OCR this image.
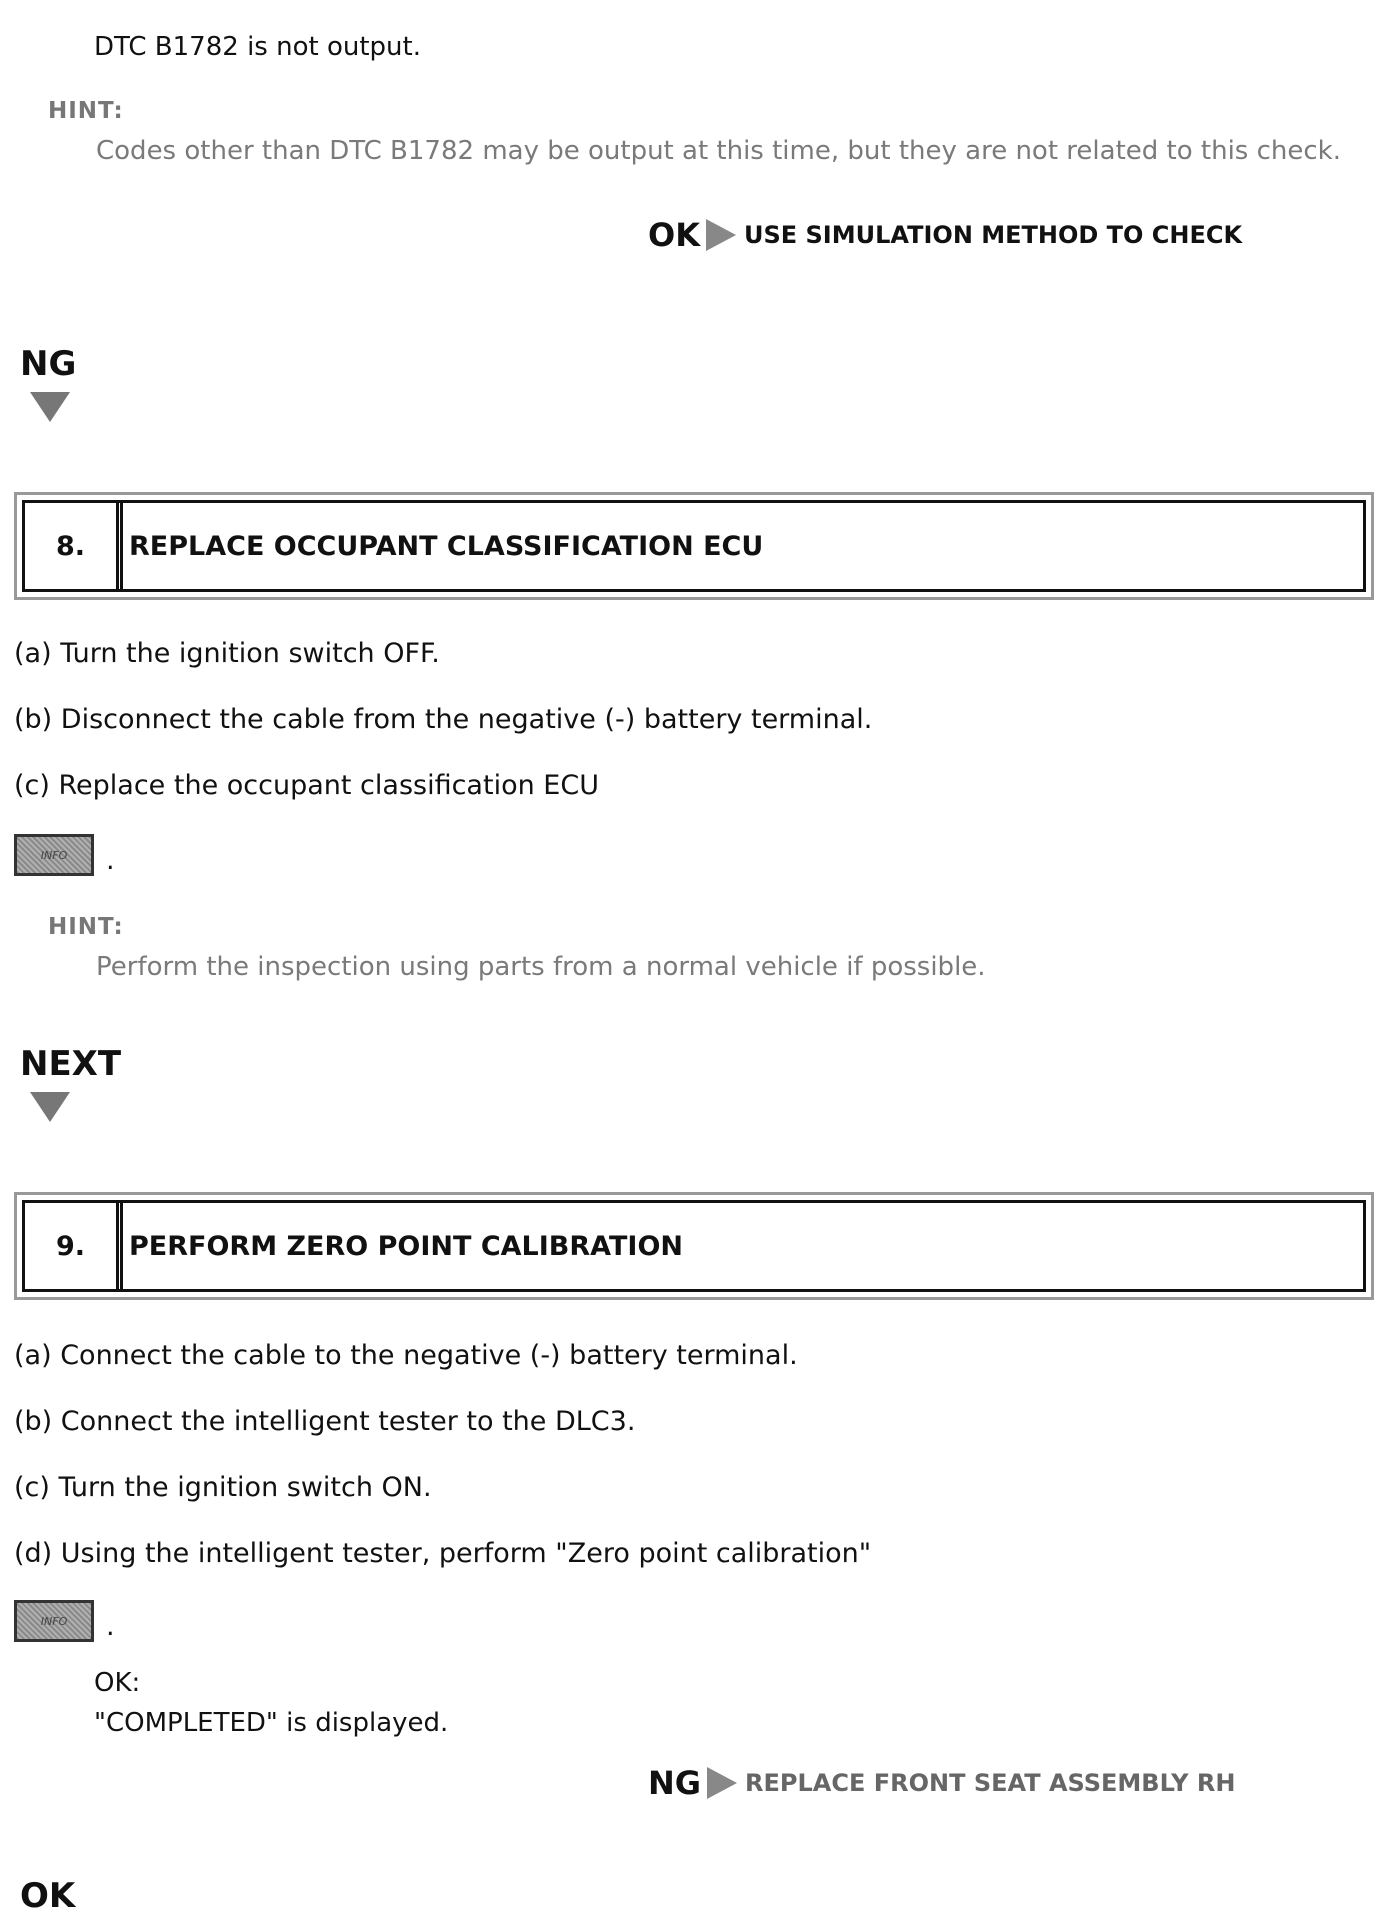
DTC B1782 is not output.
HINT:
Codes other than DTC B1782 may be output at this time, but they are not related to this check.
OK USE SIMULATION METHOD TO CHECK
NG
8.	REPLACE OCCUPANT CLASSIFICATION ECU
(a) Turn the ignition switch OFF.
(b) Disconnect the cable from the negative (-) battery terminal.
(c) Replace the occupant classification ECU
INFO	.
HINT:
Perform the inspection using parts from a normal vehicle if possible.
NEXT
9.	PERFORM ZERO POINT CALIBRATION
(a) Connect the cable to the negative (-) battery terminal.
(b) Connect the intelligent tester to the DLC3.
(c) Turn the ignition switch ON.
(d) Using the intelligent tester, perform "Zero point calibration"
INFO	.
OK:
"COMPLETED" is displayed.
NG REPLACE FRONT SEAT ASSEMBLY RH
OK
